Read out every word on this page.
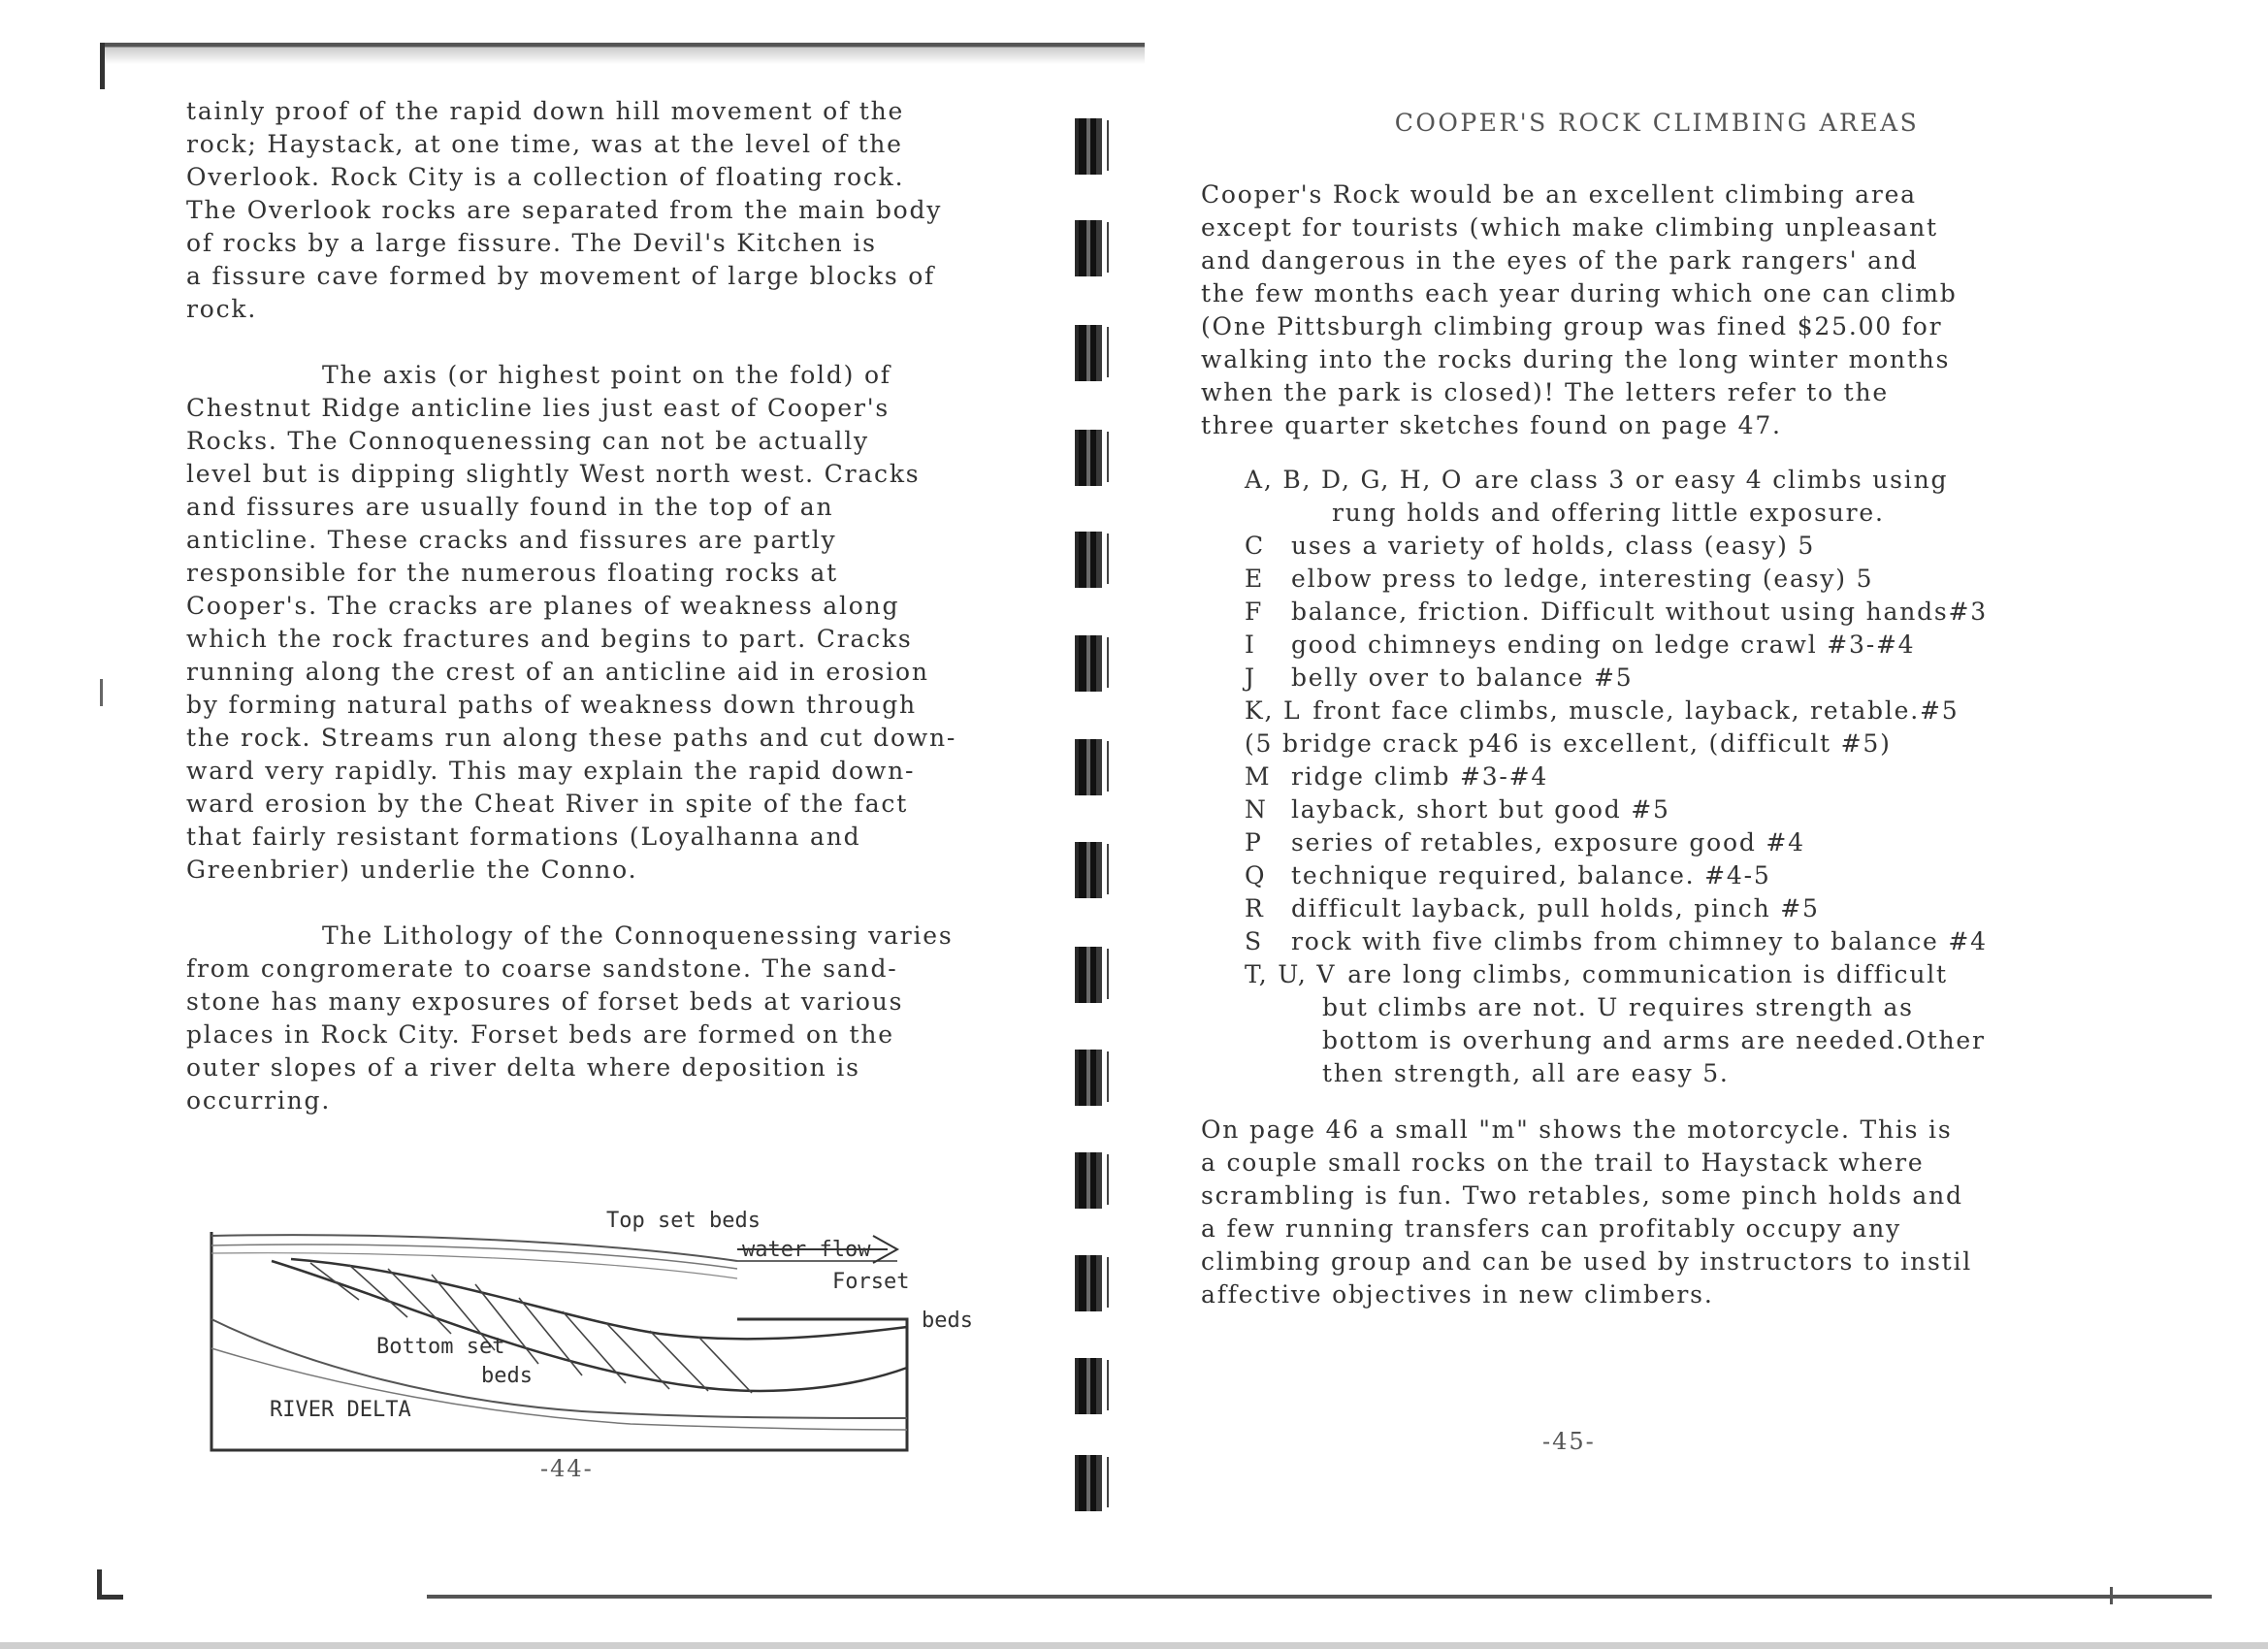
tainly proof of the rapid down hill movement of the

rock; Haystack, at one time, was at the level of the

Overlook. Rock City is a collection of floating rock.

The Overlook rocks are separated from the main body

of rocks by a large fissure. The Devil's Kitchen is

a fissure cave formed by movement of large blocks of

rock.

The axis (or highest point on the fold) of

Chestnut Ridge anticline lies just east of Cooper's

Rocks. The Connoquenessing can not be actually

level but is dipping slightly West north west. Cracks

and fissures are usually found in the top of an

anticline. These cracks and fissures are partly

responsible for the numerous floating rocks at

Cooper's. The cracks are planes of weakness along

which the rock fractures and begins to part. Cracks

running along the crest of an anticline aid in erosion

by forming natural paths of weakness down through

the rock. Streams run along these paths and cut down-

ward very rapidly. This may explain the rapid down-

ward erosion by the Cheat River in spite of the fact

that fairly resistant formations (Loyalhanna and

Greenbrier) underlie the Conno.

The Lithology of the Connoquenessing varies

from congromerate to coarse sandstone. The sand-

stone has many exposures of forset beds at various

places in Rock City. Forset beds are formed on the

outer slopes of a river delta where deposition is

occurring.

Top set beds
water flow
Forset
beds
Bottom set
beds
RIVER DELTA
-44-

COOPER'S ROCK CLIMBING AREAS

Cooper's Rock would be an excellent climbing area

except for tourists (which make climbing unpleasant

and dangerous in the eyes of the park rangers' and

the few months each year during which one can climb

(One Pittsburgh climbing group was fined $25.00 for

walking into the rocks during the long winter months

when the park is closed)! The letters refer to the

three quarter sketches found on page 47.

A, B, D, G, H, O are class 3 or easy 4 climbs using
rung holds and offering little exposure.
C	uses a variety of holds, class (easy) 5
E	elbow press to ledge, interesting (easy) 5
F	balance, friction. Difficult without using hands#3
I	good chimneys ending on ledge crawl #3-#4
J	belly over to balance #5
K, L front face climbs, muscle, layback, retable.#5
(5 bridge crack p46 is excellent, (difficult #5)
M ridge climb #3-#4
N layback, short but good #5
P	series of retables, exposure good #4
Q	technique required, balance. #4-5
R	difficult layback, pull holds, pinch #5
S	rock with five climbs from chimney to balance #4
T, U, V are long climbs, communication is difficult
but climbs are not. U requires strength as
bottom is overhung and arms are needed.Other
then strength, all are easy 5.

On page 46 a small "m" shows the motorcycle. This is

a couple small rocks on the trail to Haystack where

scrambling is fun. Two retables, some pinch holds and

a few running transfers can profitably occupy any

climbing group and can be used by instructors to instil

affective objectives in new climbers.

-45-
